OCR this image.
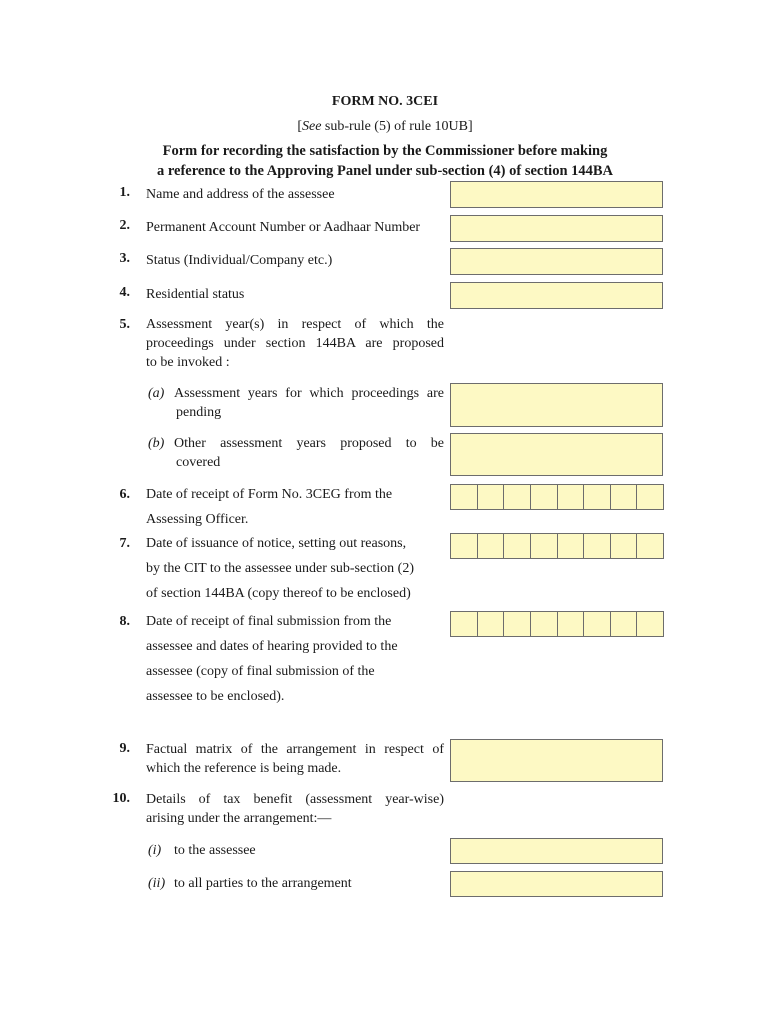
FORM NO. 3CEI
[See sub-rule (5) of rule 10UB]
Form for recording the satisfaction by the Commissioner before making
a reference to the Approving Panel under sub-section (4) of section 144BA
1. Name and address of the assessee
2. Permanent Account Number or Aadhaar Number
3. Status (Individual/Company etc.)
4. Residential status
5. Assessment year(s) in respect of which the
proceedings under section 144BA are proposed
to be invoked :
(a) Assessment years for which proceedings are
pending
(b) Other assessment years proposed to be
covered
6. Date of receipt of Form No. 3CEG from the
Assessing Officer.
7. Date of issuance of notice, setting out reasons,
by the CIT to the assessee under sub-section (2)
of section 144BA (copy thereof to be enclosed)
8. Date of receipt of final submission from the
assessee and dates of hearing provided to the
assessee (copy of final submission of the
assessee to be enclosed).
9. Factual matrix of the arrangement in respect of
which the reference is being made.
10. Details of tax benefit (assessment year-wise)
arising under the arrangement:—
(i) to the assessee
(ii) to all parties to the arrangement
